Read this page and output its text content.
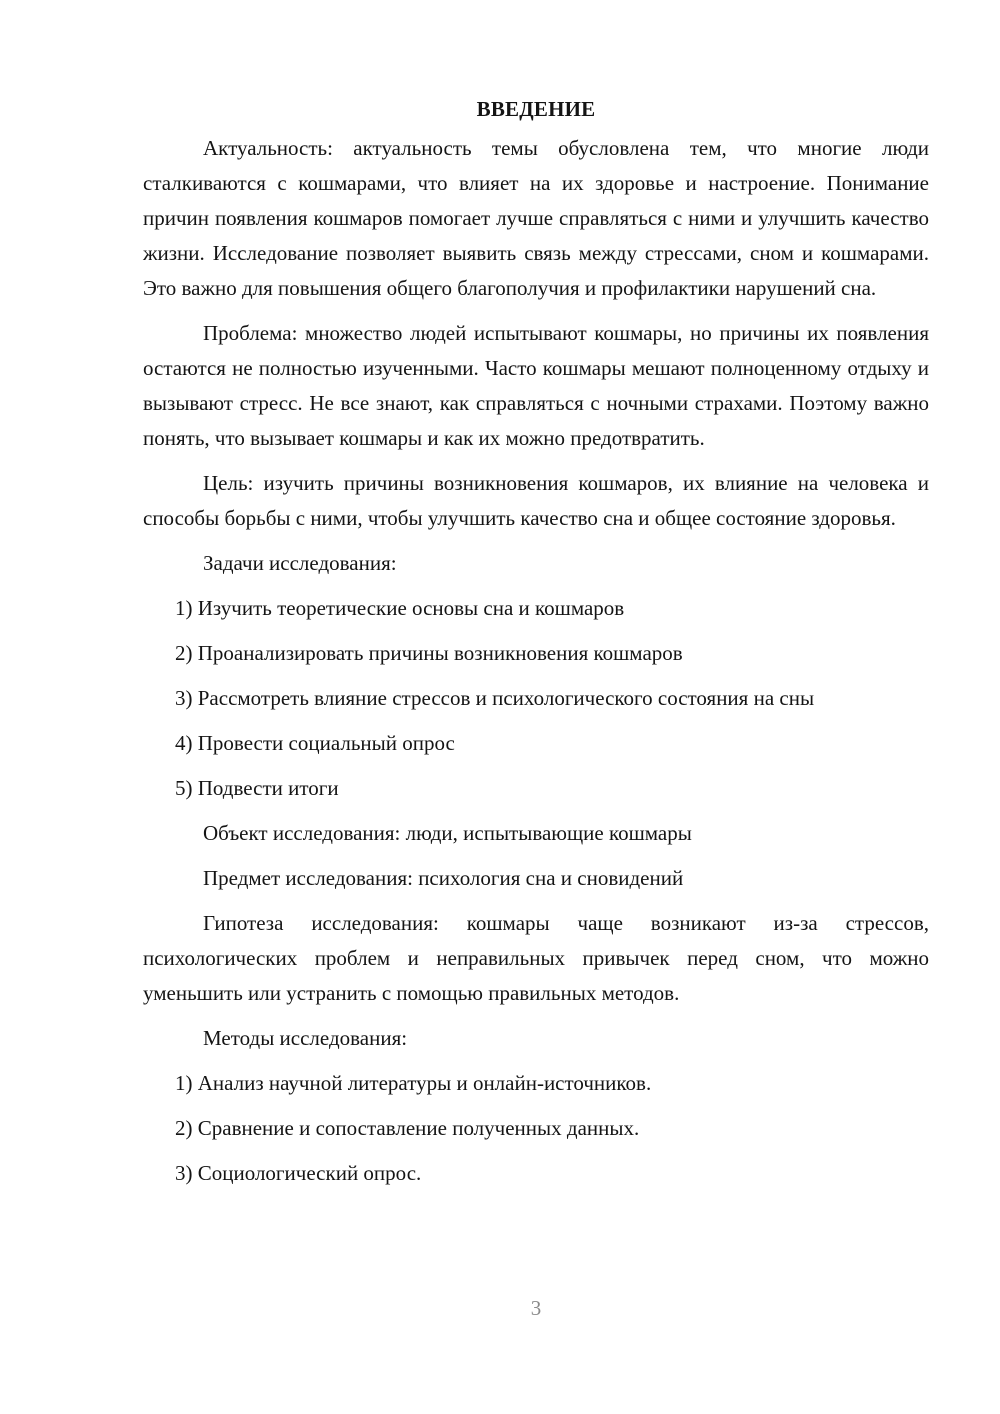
ВВЕДЕНИЕ

Актуальность: актуальность темы обусловлена тем, что многие люди сталкиваются с кошмарами, что влияет на их здоровье и настроение. Понимание причин появления кошмаров помогает лучше справляться с ними и улучшить качество жизни. Исследование позволяет выявить связь между стрессами, сном и кошмарами. Это важно для повышения общего благополучия и профилактики нарушений сна.

Проблема: множество людей испытывают кошмары, но причины их появления остаются не полностью изученными. Часто кошмары мешают полноценному отдыху и вызывают стресс. Не все знают, как справляться с ночными страхами. Поэтому важно понять, что вызывает кошмары и как их можно предотвратить.

Цель: изучить причины возникновения кошмаров, их влияние на человека и способы борьбы с ними, чтобы улучшить качество сна и общее состояние здоровья.

Задачи исследования:
1) Изучить теоретические основы сна и кошмаров
2) Проанализировать причины возникновения кошмаров
3) Рассмотреть влияние стрессов и психологического состояния на сны
4) Провести социальный опрос
5) Подвести итоги
Объект исследования: люди, испытывающие кошмары
Предмет исследования: психология сна и сновидений

Гипотеза исследования: кошмары чаще возникают из-за стрессов, психологических проблем и неправильных привычек перед сном, что можно уменьшить или устранить с помощью правильных методов.

Методы исследования:
1) Анализ научной литературы и онлайн-источников.
2) Сравнение и сопоставление полученных данных.
3) Социологический опрос.
3
